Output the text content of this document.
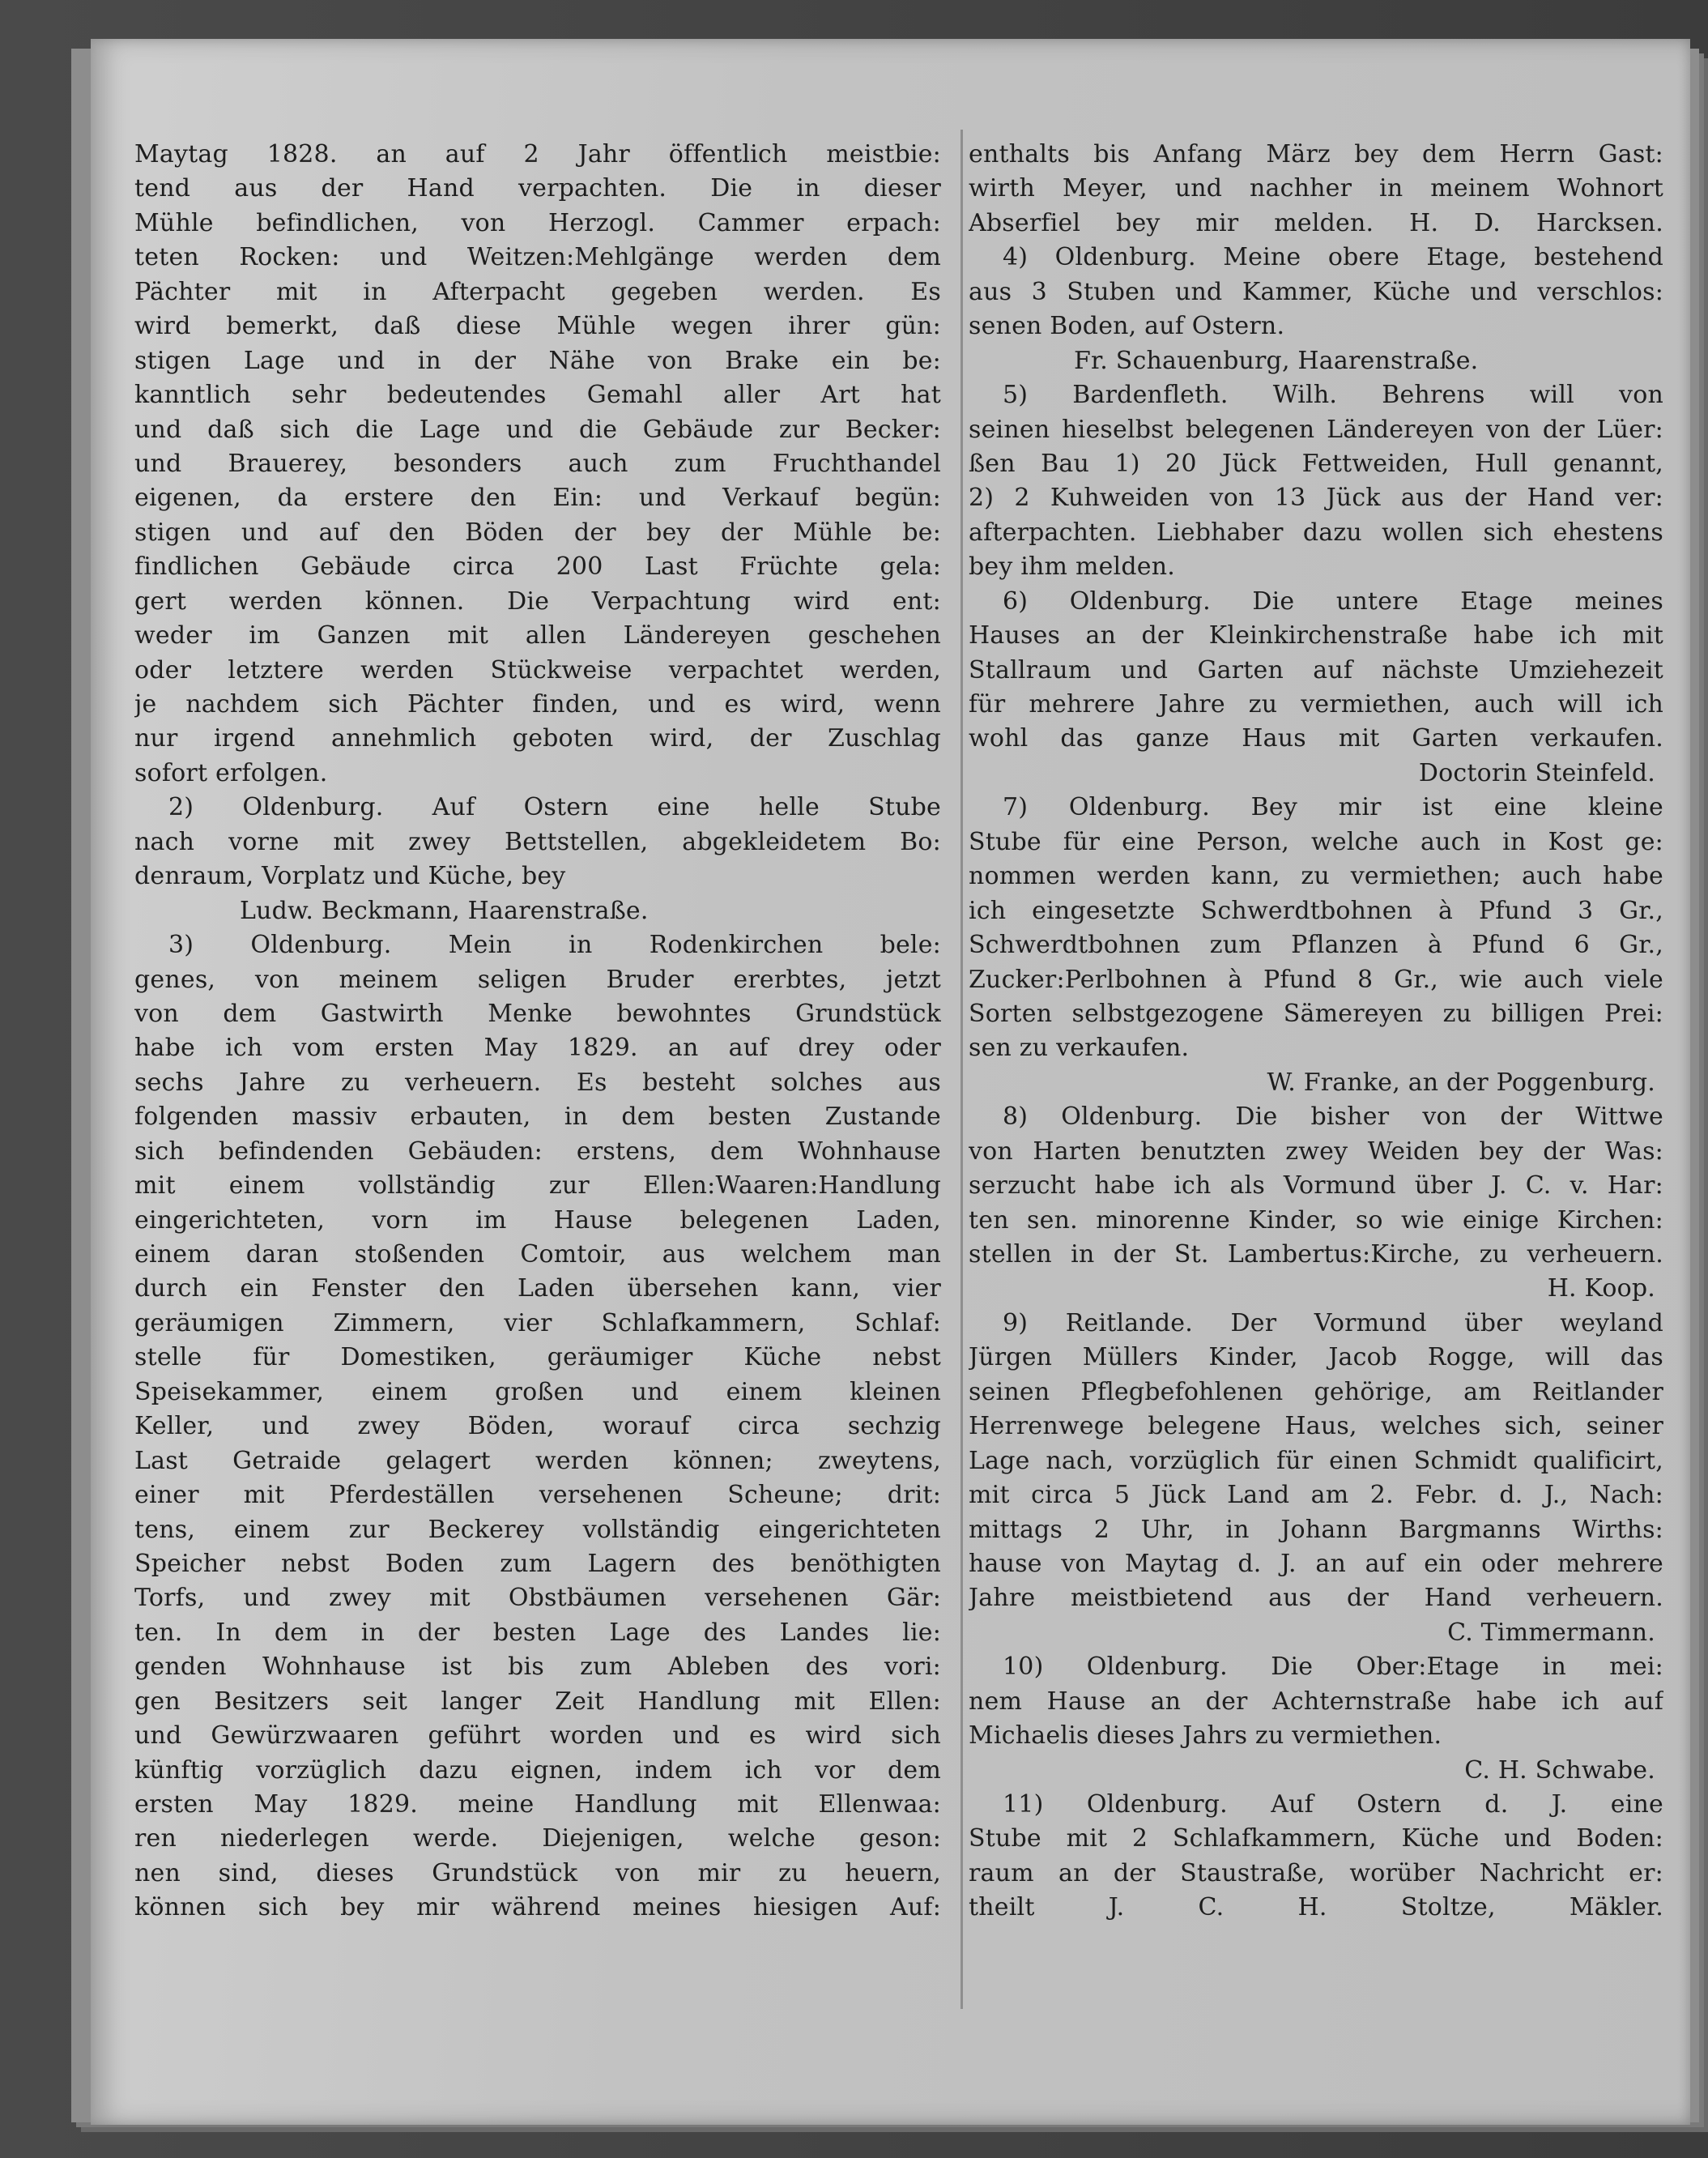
Maytag 1828. an auf 2 Jahr öffentlich meistbie:
tend aus der Hand verpachten. Die in dieser
Mühle befindlichen, von Herzogl. Cammer erpach:
teten Rocken: und Weitzen:Mehlgänge werden dem
Pächter mit in Afterpacht gegeben werden. Es
wird bemerkt, daß diese Mühle wegen ihrer gün:
stigen Lage und in der Nähe von Brake ein be:
kanntlich sehr bedeutendes Gemahl aller Art hat
und daß sich die Lage und die Gebäude zur Becker:
und Brauerey, besonders auch zum Fruchthandel
eigenen, da erstere den Ein: und Verkauf begün:
stigen und auf den Böden der bey der Mühle be:
findlichen Gebäude circa 200 Last Früchte gela:
gert werden können. Die Verpachtung wird ent:
weder im Ganzen mit allen Ländereyen geschehen
oder letztere werden Stückweise verpachtet werden,
je nachdem sich Pächter finden, und es wird, wenn
nur irgend annehmlich geboten wird, der Zuschlag
sofort erfolgen.
2) Oldenburg. Auf Ostern eine helle Stube
nach vorne mit zwey Bettstellen, abgekleidetem Bo:
denraum, Vorplatz und Küche, bey
Ludw. Beckmann, Haarenstraße.
3) Oldenburg. Mein in Rodenkirchen bele:
genes, von meinem seligen Bruder ererbtes, jetzt
von dem Gastwirth Menke bewohntes Grundstück
habe ich vom ersten May 1829. an auf drey oder
sechs Jahre zu verheuern. Es besteht solches aus
folgenden massiv erbauten, in dem besten Zustande
sich befindenden Gebäuden: erstens, dem Wohnhause
mit einem vollständig zur Ellen:Waaren:Handlung
eingerichteten, vorn im Hause belegenen Laden,
einem daran stoßenden Comtoir, aus welchem man
durch ein Fenster den Laden übersehen kann, vier
geräumigen Zimmern, vier Schlafkammern, Schlaf:
stelle für Domestiken, geräumiger Küche nebst
Speisekammer, einem großen und einem kleinen
Keller, und zwey Böden, worauf circa sechzig
Last Getraide gelagert werden können; zweytens,
einer mit Pferdeställen versehenen Scheune; drit:
tens, einem zur Beckerey vollständig eingerichteten
Speicher nebst Boden zum Lagern des benöthigten
Torfs, und zwey mit Obstbäumen versehenen Gär:
ten. In dem in der besten Lage des Landes lie:
genden Wohnhause ist bis zum Ableben des vori:
gen Besitzers seit langer Zeit Handlung mit Ellen:
und Gewürzwaaren geführt worden und es wird sich
künftig vorzüglich dazu eignen, indem ich vor dem
ersten May 1829. meine Handlung mit Ellenwaa:
ren niederlegen werde. Diejenigen, welche geson:
nen sind, dieses Grundstück von mir zu heuern,
können sich bey mir während meines hiesigen Auf:
enthalts bis Anfang März bey dem Herrn Gast:
wirth Meyer, und nachher in meinem Wohnort
Abserfiel bey mir melden. H. D. Harcksen.
4) Oldenburg. Meine obere Etage, bestehend
aus 3 Stuben und Kammer, Küche und verschlos:
senen Boden, auf Ostern.
Fr. Schauenburg, Haarenstraße.
5) Bardenfleth. Wilh. Behrens will von
seinen hieselbst belegenen Ländereyen von der Lüer:
ßen Bau 1) 20 Jück Fettweiden, Hull genannt,
2) 2 Kuhweiden von 13 Jück aus der Hand ver:
afterpachten. Liebhaber dazu wollen sich ehestens
bey ihm melden.
6) Oldenburg. Die untere Etage meines
Hauses an der Kleinkirchenstraße habe ich mit
Stallraum und Garten auf nächste Umziehezeit
für mehrere Jahre zu vermiethen, auch will ich
wohl das ganze Haus mit Garten verkaufen.
Doctorin Steinfeld.
7) Oldenburg. Bey mir ist eine kleine
Stube für eine Person, welche auch in Kost ge:
nommen werden kann, zu vermiethen; auch habe
ich eingesetzte Schwerdtbohnen à Pfund 3 Gr.,
Schwerdtbohnen zum Pflanzen à Pfund 6 Gr.,
Zucker:Perlbohnen à Pfund 8 Gr., wie auch viele
Sorten selbstgezogene Sämereyen zu billigen Prei:
sen zu verkaufen.
W. Franke, an der Poggenburg.
8) Oldenburg. Die bisher von der Wittwe
von Harten benutzten zwey Weiden bey der Was:
serzucht habe ich als Vormund über J. C. v. Har:
ten sen. minorenne Kinder, so wie einige Kirchen:
stellen in der St. Lambertus:Kirche, zu verheuern.
H. Koop.
9) Reitlande. Der Vormund über weyland
Jürgen Müllers Kinder, Jacob Rogge, will das
seinen Pflegbefohlenen gehörige, am Reitlander
Herrenwege belegene Haus, welches sich, seiner
Lage nach, vorzüglich für einen Schmidt qualificirt,
mit circa 5 Jück Land am 2. Febr. d. J., Nach:
mittags 2 Uhr, in Johann Bargmanns Wirths:
hause von Maytag d. J. an auf ein oder mehrere
Jahre meistbietend aus der Hand verheuern.
C. Timmermann.
10) Oldenburg. Die Ober:Etage in mei:
nem Hause an der Achternstraße habe ich auf
Michaelis dieses Jahrs zu vermiethen.
C. H. Schwabe.
11) Oldenburg. Auf Ostern d. J. eine
Stube mit 2 Schlafkammern, Küche und Boden:
raum an der Staustraße, worüber Nachricht er:
theilt J. C. H. Stoltze, Mäkler.
